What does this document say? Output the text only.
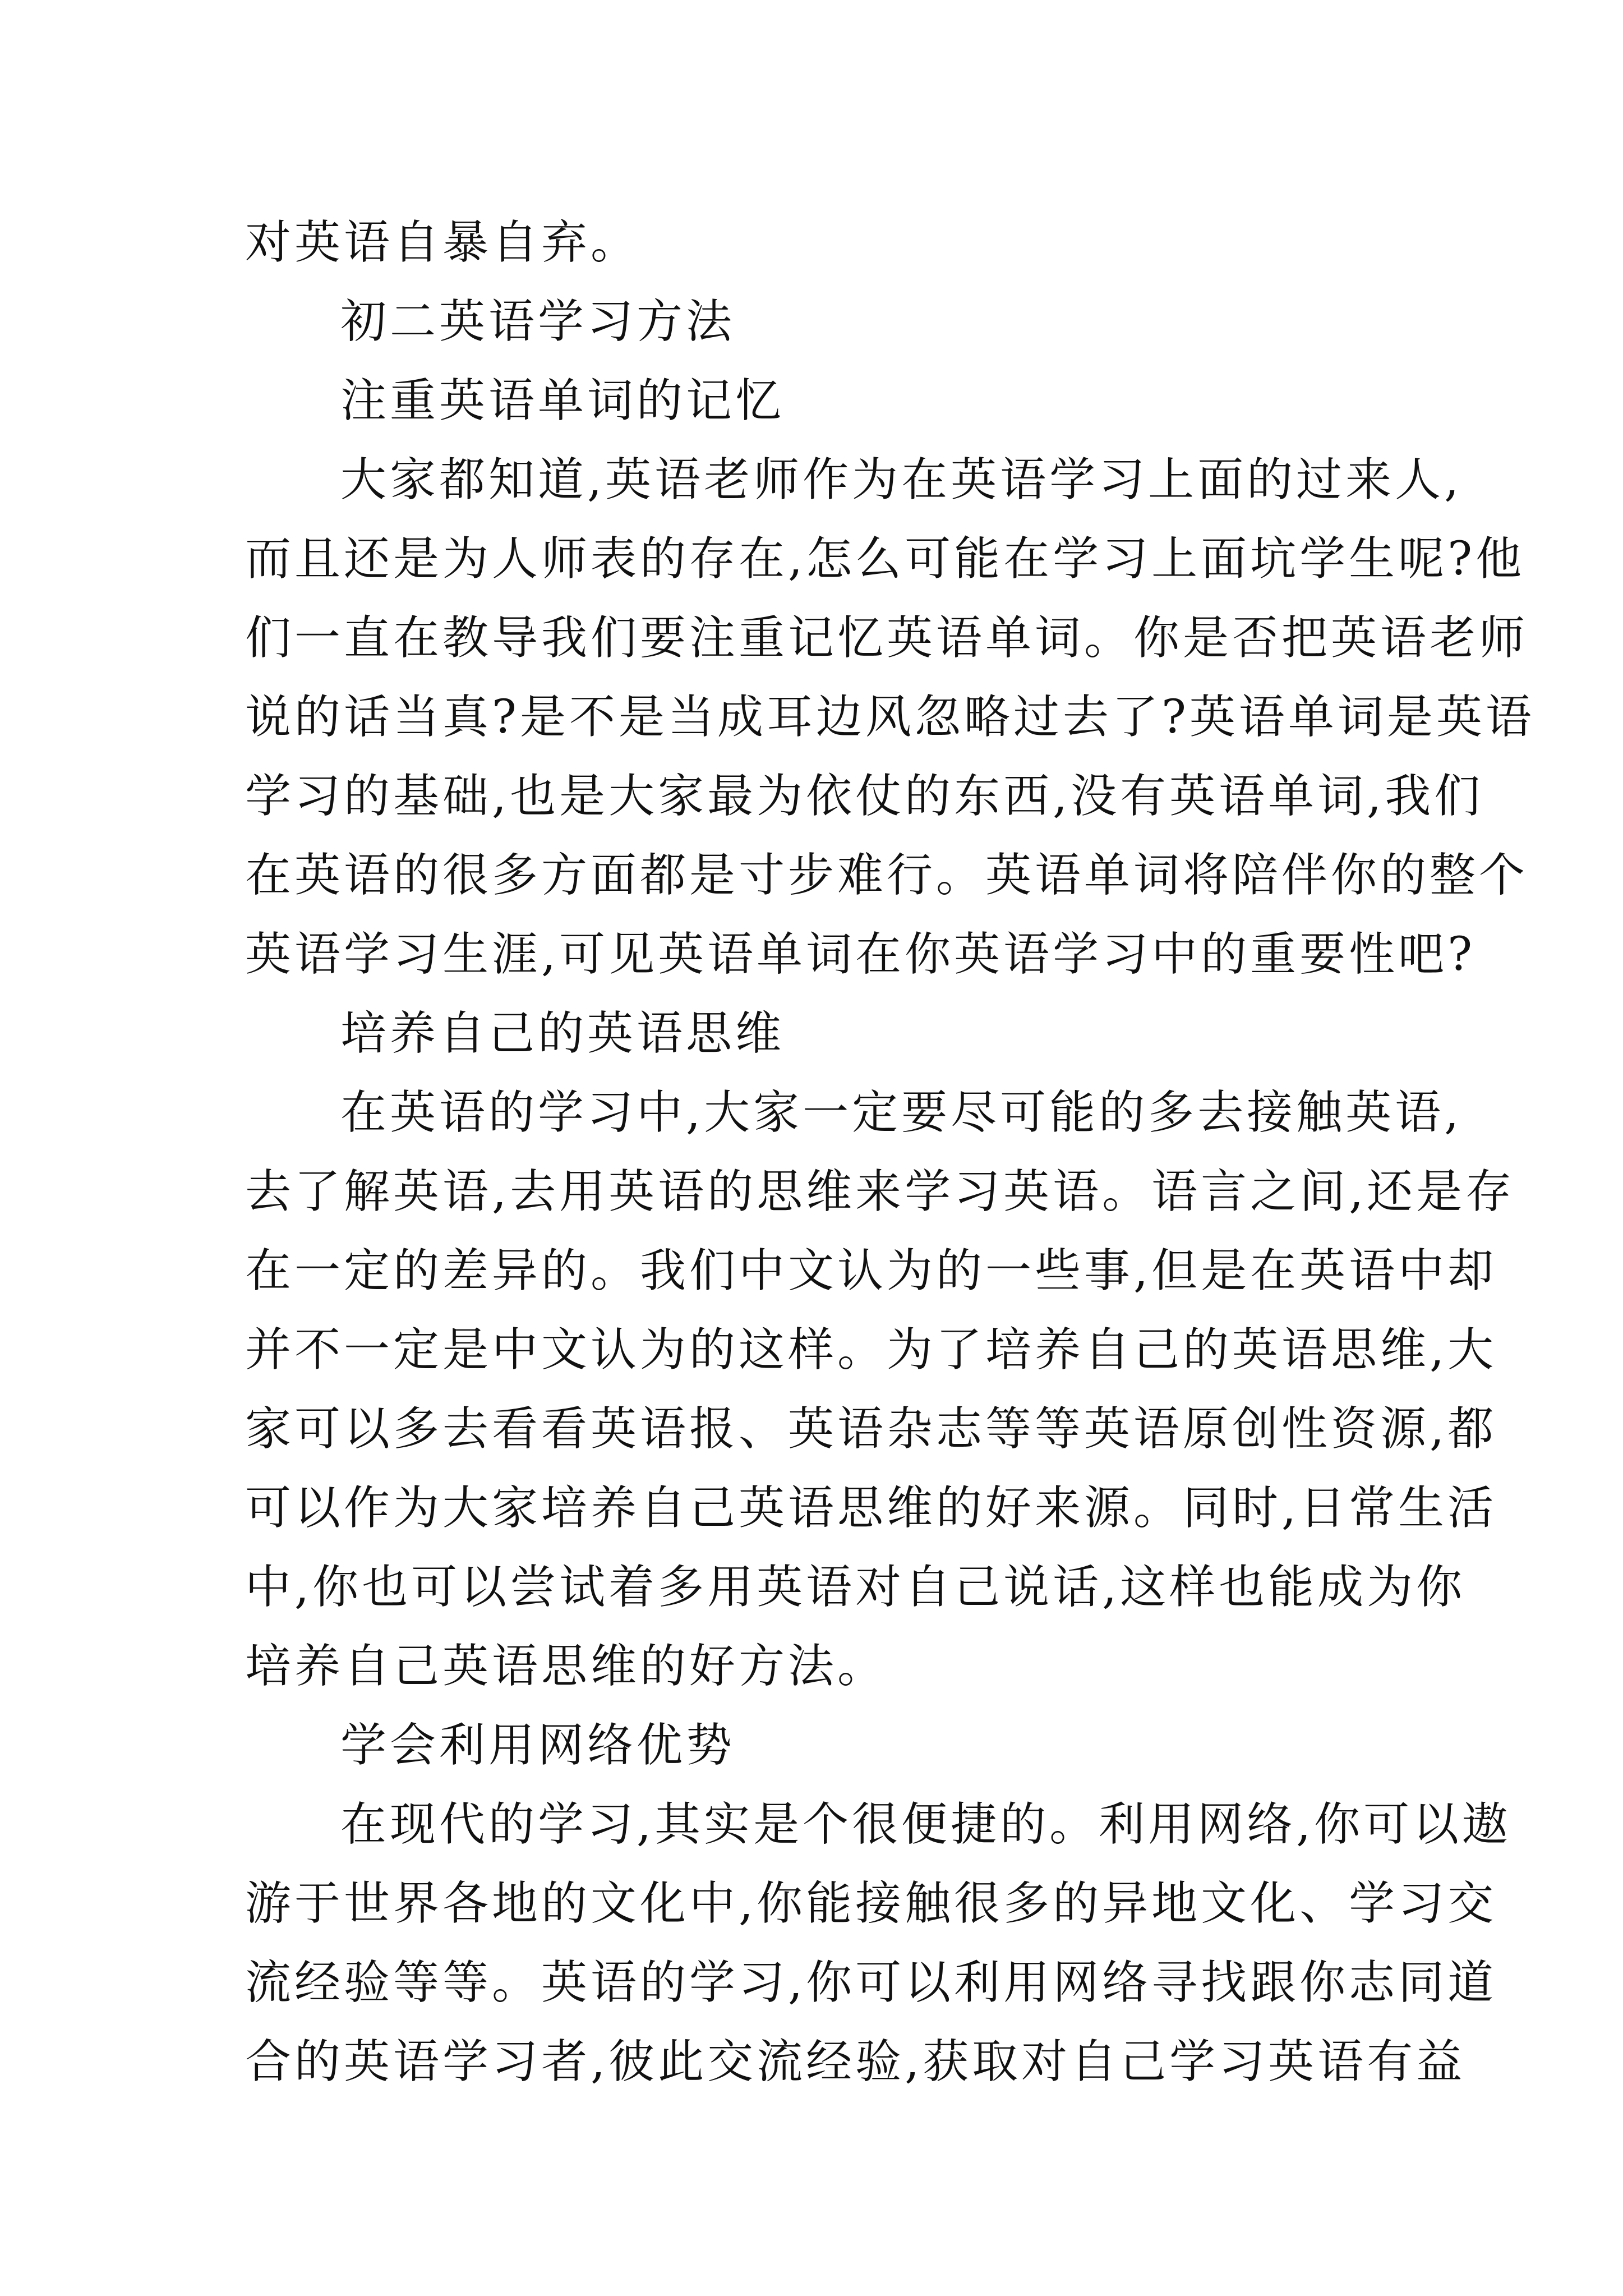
对英语自暴自弃。

初二英语学习方法

注重英语单词的记忆

大家都知道,英语老师作为在英语学习上面的过来人,

而且还是为人师表的存在,怎么可能在学习上面坑学生呢?他

们一直在教导我们要注重记忆英语单词。你是否把英语老师

说的话当真?是不是当成耳边风忽略过去了?英语单词是英语

学习的基础,也是大家最为依仗的东西,没有英语单词,我们

在英语的很多方面都是寸步难行。英语单词将陪伴你的整个

英语学习生涯,可见英语单词在你英语学习中的重要性吧?

培养自己的英语思维

在英语的学习中,大家一定要尽可能的多去接触英语,

去了解英语,去用英语的思维来学习英语。语言之间,还是存

在一定的差异的。我们中文认为的一些事,但是在英语中却

并不一定是中文认为的这样。为了培养自己的英语思维,大

家可以多去看看英语报、英语杂志等等英语原创性资源,都

可以作为大家培养自己英语思维的好来源。同时,日常生活

中,你也可以尝试着多用英语对自己说话,这样也能成为你

培养自己英语思维的好方法。

学会利用网络优势

在现代的学习,其实是个很便捷的。利用网络,你可以遨

游于世界各地的文化中,你能接触很多的异地文化、学习交

流经验等等。英语的学习,你可以利用网络寻找跟你志同道

合的英语学习者,彼此交流经验,获取对自己学习英语有益
